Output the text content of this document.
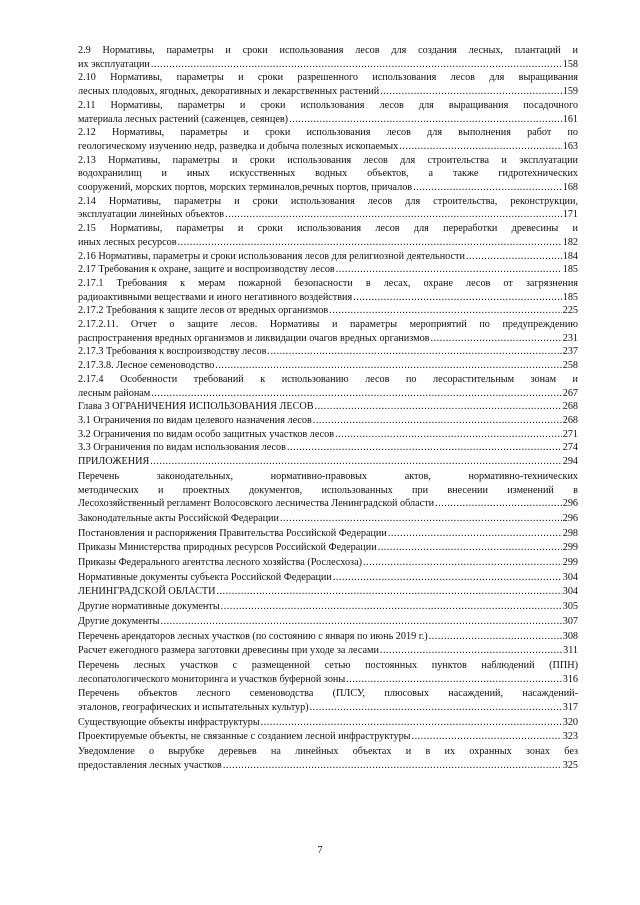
2.9 Нормативы, параметры и сроки использования лесов для создания лесных, плантаций и
их эксплуатации .....	158
2.10 Нормативы, параметры и сроки разрешенного использования лесов для выращивания
лесных плодовых, ягодных, декоративных и лекарственных растений .....	159
2.11 Нормативы, параметры и сроки использования лесов для выращивания посадочного
материала лесных растений (саженцев, сеянцев) .....	161
2.12 Нормативы, параметры и сроки использования лесов для выполнения работ по
геологическому изучению недр, разведка и добыча полезных ископаемых .....	163
2.13 Нормативы, параметры и сроки использования лесов для строительства и эксплуатации
водохранилищ и иных искусственных водных объектов, а также гидротехнических
сооружений, морских портов, морских терминалов,речных портов, причалов .....	168
2.14 Нормативы, параметры и сроки использования лесов для строительства, реконструкции,
эксплуатации линейных объектов .....	171
2.15 Нормативы, параметры и сроки использования лесов для переработки древесины и
иных лесных ресурсов .....	182
2.16 Нормативы, параметры и сроки использования лесов для религиозной деятельности .....	184
2.17 Требования к охране, защите и воспроизводству лесов .....	185
2.17.1 Требования к мерам пожарной безопасности в лесах, охране лесов от загрязнения
радиоактивными веществами и иного негативного воздействия .....	185
2.17.2 Требования к защите лесов от вредных организмов .....	225
2.17.2.11. Отчет о защите лесов. Нормативы и параметры мероприятий по предупреждению
распространения вредных организмов и ликвидации очагов вредных организмов .....	231
2.17.3 Требования к воспроизводству лесов .....	237
2.17.3.8. Лесное семеноводство .....	258
2.17.4 Особенности требований к использованию лесов по лесорастительным зонам и
лесным районам .....	267
Глава 3 ОГРАНИЧЕНИЯ ИСПОЛЬЗОВАНИЯ ЛЕСОВ .....	268
3.1 Ограничения по видам целевого назначения лесов .....	268
3.2 Ограничения по видам особо защитных участков лесов .....	271
3.3 Ограничения по видам использования лесов .....	274
ПРИЛОЖЕНИЯ .....	294
Перечень законодательных, нормативно-правовых актов, нормативно-технических
методических и проектных документов, использованных при внесении изменений в
Лесохозяйственный регламент Волосовского лесничества Ленинградской области .....	296
Законодательные акты Российской Федерации .....	296
Постановления и распоряжения Правительства Российской Федерации .....	298
Приказы Министерства природных ресурсов Российской Федерации .....	299
Приказы Федерального агентства лесного хозяйства (Рослесхоза) .....	299
Нормативные документы субъекта Российской Федерации .....	304
ЛЕНИНГРАДСКОЙ ОБЛАСТИ .....	304
Другие нормативные документы .....	305
Другие документы .....	307
Перечень арендаторов лесных участков (по состоянию с января по июнь 2019 г.) .....	308
Расчет ежегодного размера заготовки древесины при уходе за лесами .....	311
Перечень лесных участков с размещенной сетью постоянных пунктов наблюдений (ППН)
лесопатологического мониторинга и участков буферной зоны .....	316
Перечень объектов лесного семеноводства (ПЛСУ, плюсовых насаждений, насаждений-
эталонов, географических и испытательных культур) .....	317
Существующие объекты инфраструктуры .....	320
Проектируемые объекты, не связанные с созданием лесной инфраструктуры .....	323
Уведомление о вырубке деревьев на линейных объектах и в их охранных зонах без
предоставления лесных участков .....	325
7
